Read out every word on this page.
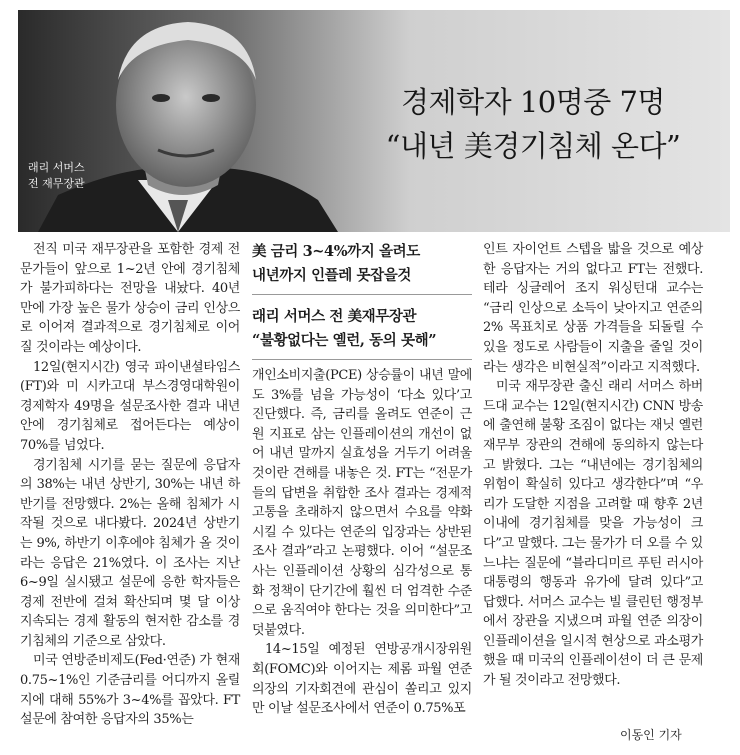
래리 서머스
전 재무장관
경제학자 10명중 7명
“내년 美경기침체 온다”

전직 미국 재무장관을 포함한 경제 전문가들이 앞으로 1~2년 안에 경기침체가 불가피하다는 전망을 내놨다. 40년 만에 가장 높은 물가 상승이 금리 인상으로 이어져 결과적으로 경기침체로 이어질 것이라는 예상이다.

12일(현지시간) 영국 파이낸셜타임스(FT)와 미 시카고대 부스경영대학원이 경제학자 49명을 설문조사한 결과 내년 안에 경기침체로 접어든다는 예상이 70%를 넘었다.

경기침체 시기를 묻는 질문에 응답자의 38%는 내년 상반기, 30%는 내년 하반기를 전망했다. 2%는 올해 침체가 시작될 것으로 내다봤다. 2024년 상반기는 9%, 하반기 이후에야 침체가 올 것이라는 응답은 21%였다. 이 조사는 지난 6~9일 실시됐고 설문에 응한 학자들은 경제 전반에 걸쳐 확산되며 몇 달 이상 지속되는 경제 활동의 현저한 감소를 경기침체의 기준으로 삼았다.

미국 연방준비제도(Fed·연준) 가 현재 0.75~1%인 기준금리를 어디까지 올릴지에 대해 55%가 3~4%를 꼽았다. FT 설문에 참여한 응답자의 35%는

美 금리 3~4%까지 올려도
내년까지 인플레 못잡을것
래리 서머스 전 美재무장관
“불황없다는 옐런, 동의 못해”

개인소비지출(PCE) 상승률이 내년 말에도 3%를 넘을 가능성이 ‘다소 있다’고 진단했다. 즉, 금리를 올려도 연준이 근원 지표로 삼는 인플레이션의 개선이 없어 내년 말까지 실효성을 거두기 어려울 것이란 견해를 내놓은 것. FT는 “전문가들의 답변을 취합한 조사 결과는 경제적 고통을 초래하지 않으면서 수요를 약화시킬 수 있다는 연준의 입장과는 상반된 조사 결과”라고 논평했다. 이어 “설문조사는 인플레이션 상황의 심각성으로 통화 정책이 단기간에 훨씬 더 엄격한 수준으로 움직여야 한다는 것을 의미한다”고 덧붙였다.

14~15일 예정된 연방공개시장위원회(FOMC)와 이어지는 제롬 파월 연준 의장의 기자회견에 관심이 쏠리고 있지만 이날 설문조사에서 연준이 0.75%포

인트 자이언트 스텝을 밟을 것으로 예상한 응답자는 거의 없다고 FT는 전했다. 테라 싱글레어 조지 워싱턴대 교수는 “금리 인상으로 소득이 낮아지고 연준의 2% 목표치로 상품 가격들을 되돌릴 수 있을 정도로 사람들이 지출을 줄일 것이라는 생각은 비현실적”이라고 지적했다.

미국 재무장관 출신 래리 서머스 하버드대 교수는 12일(현지시간) CNN 방송에 출연해 불황 조짐이 없다는 재닛 옐런 재무부 장관의 견해에 동의하지 않는다고 밝혔다. 그는 “내년에는 경기침체의 위험이 확실히 있다고 생각한다”며 “우리가 도달한 지점을 고려할 때 향후 2년 이내에 경기침체를 맞을 가능성이 크다”고 말했다. 그는 물가가 더 오를 수 있느냐는 질문에 “블라디미르 푸틴 러시아 대통령의 행동과 유가에 달려 있다”고 답했다. 서머스 교수는 빌 클린턴 행정부에서 장관을 지냈으며 파월 연준 의장이 인플레이션을 일시적 현상으로 과소평가했을 때 미국의 인플레이션이 더 큰 문제가 될 것이라고 전망했다.

이동인 기자
